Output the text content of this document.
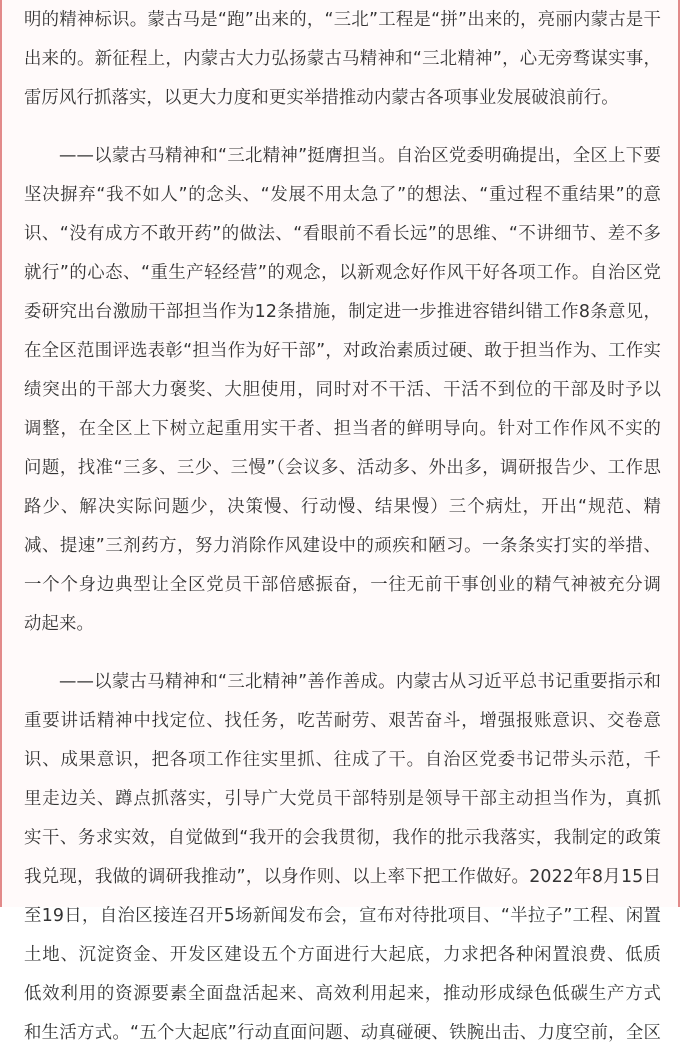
明的精神标识。蒙古马是“跑”出来的，“三北”工程是“拼”出来的，亮丽内蒙古是干
出来的。新征程上，内蒙古大力弘扬蒙古马精神和“三北精神”，心无旁骛谋实事，
雷厉风行抓落实，以更大力度和更实举措推动内蒙古各项事业发展破浪前行。
——以蒙古马精神和“三北精神”挺膺担当。自治区党委明确提出，全区上下要
坚决摒弃“我不如人”的念头、“发展不用太急了”的想法、“重过程不重结果”的意
识、“没有成方不敢开药”的做法、“看眼前不看长远”的思维、“不讲细节、差不多
就行”的心态、“重生产轻经营”的观念，以新观念好作风干好各项工作。自治区党
委研究出台激励干部担当作为12条措施，制定进一步推进容错纠错工作8条意见，
在全区范围评选表彰“担当作为好干部”，对政治素质过硬、敢于担当作为、工作实
绩突出的干部大力褒奖、大胆使用，同时对不干活、干活不到位的干部及时予以
调整，在全区上下树立起重用实干者、担当者的鲜明导向。针对工作作风不实的
问题，找准“三多、三少、三慢”（会议多、活动多、外出多，调研报告少、工作思
路少、解决实际问题少，决策慢、行动慢、结果慢）三个病灶，开出“规范、精
减、提速”三剂药方，努力消除作风建设中的顽疾和陋习。一条条实打实的举措、
一个个身边典型让全区党员干部倍感振奋，一往无前干事创业的精气神被充分调
动起来。
——以蒙古马精神和“三北精神”善作善成。内蒙古从习近平总书记重要指示和
重要讲话精神中找定位、找任务，吃苦耐劳、艰苦奋斗，增强报账意识、交卷意
识、成果意识，把各项工作往实里抓、往成了干。自治区党委书记带头示范，千
里走边关、蹲点抓落实，引导广大党员干部特别是领导干部主动担当作为，真抓
实干、务求实效，自觉做到“我开的会我贯彻，我作的批示我落实，我制定的政策
我兑现，我做的调研我推动”，以身作则、以上率下把工作做好。2022年8月15日
至19日，自治区接连召开5场新闻发布会，宣布对待批项目、“半拉子”工程、闲置
土地、沉淀资金、开发区建设五个方面进行大起底，力求把各种闲置浪费、低质
低效利用的资源要素全面盘活起来、高效利用起来，推动形成绿色低碳生产方式
和生活方式。“五个大起底”行动直面问题、动真碰硬、铁腕出击、力度空前，全区
